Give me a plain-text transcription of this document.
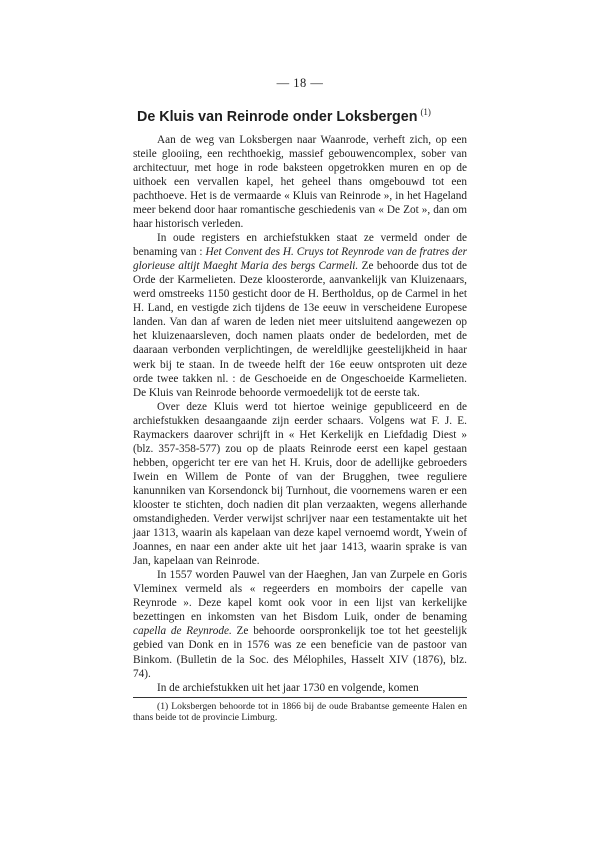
— 18 —
De Kluis van Reinrode onder Loksbergen $^{(1)}$

Aan de weg van Loksbergen naar Waanrode, verheft zich, op een steile glooiing, een rechthoekig, massief gebouwencomplex, sober van architectuur, met hoge in rode baksteen opgetrokken muren en op de uithoek een vervallen kapel, het geheel thans omgebouwd tot een pachthoeve. Het is de vermaarde « Kluis van Reinrode », in het Hageland meer bekend door haar romantische geschiedenis van « De Zot », dan om haar historisch verleden.

In oude registers en archiefstukken staat ze vermeld onder de benaming van : Het Convent des H. Cruys tot Reynrode van de fratres der glorieuse altijt Maeght Maria des bergs Carmeli. Ze behoorde dus tot de Orde der Karmelieten. Deze kloosterorde, aanvankelijk van Kluizenaars, werd omstreeks 1150 gesticht door de H. Bertholdus, op de Carmel in het H. Land, en vestigde zich tijdens de 13e eeuw in verscheidene Europese landen. Van dan af waren de leden niet meer uitsluitend aangewezen op het kluizenaarsleven, doch namen plaats onder de bedelorden, met de daaraan verbonden verplichtingen, de wereldlijke geestelijkheid in haar werk bij te staan. In de tweede helft der 16e eeuw ontsproten uit deze orde twee takken nl. : de Geschoeide en de Ongeschoeide Karmelieten. De Kluis van Reinrode behoorde vermoedelijk tot de eerste tak.

Over deze Kluis werd tot hiertoe weinige gepubliceerd en de archiefstukken desaangaande zijn eerder schaars. Volgens wat F. J. E. Raymackers daarover schrijft in « Het Kerkelijk en Liefdadig Diest » (blz. 357-358-577) zou op de plaats Reinrode eerst een kapel gestaan hebben, opgericht ter ere van het H. Kruis, door de adellijke gebroeders Iwein en Willem de Ponte of van der Brugghen, twee reguliere kanunniken van Korsendonck bij Turnhout, die voornemens waren er een klooster te stichten, doch nadien dit plan verzaakten, wegens allerhande omstandigheden. Verder verwijst schrijver naar een testamentakte uit het jaar 1313, waarin als kapelaan van deze kapel vernoemd wordt, Ywein of Joannes, en naar een ander akte uit het jaar 1413, waarin sprake is van Jan, kapelaan van Reinrode.

In 1557 worden Pauwel van der Haeghen, Jan van Zurpele en Goris Vleminex vermeld als « regeerders en momboirs der capelle van Reynrode ». Deze kapel komt ook voor in een lijst van kerkelijke bezettingen en inkomsten van het Bisdom Luik, onder de benaming capella de Reynrode. Ze behoorde oorspronkelijk toe tot het geestelijk gebied van Donk en in 1576 was ze een beneficie van de pastoor van Binkom. (Bulletin de la Soc. des Mélophiles, Hasselt XIV (1876), blz. 74).

In de archiefstukken uit het jaar 1730 en volgende, komen

(1) Loksbergen behoorde tot in 1866 bij de oude Brabantse gemeente Halen en thans beide tot de provincie Limburg.
